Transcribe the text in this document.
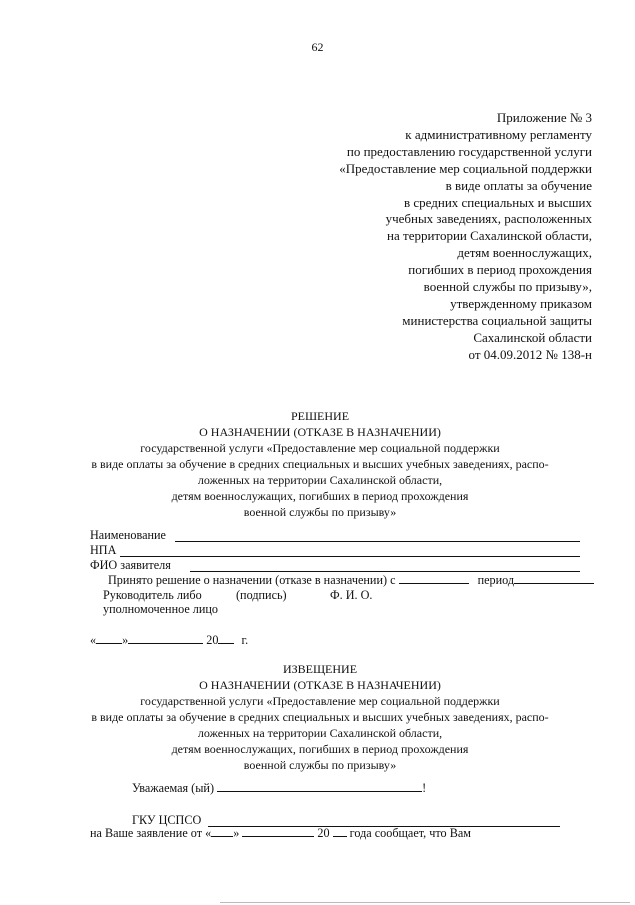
62
Приложение № 3
к административному регламенту
по предоставлению государственной услуги
«Предоставление мер социальной поддержки
в виде оплаты за обучение
в средних специальных и высших
учебных заведениях, расположенных
на территории Сахалинской области,
детям военнослужащих,
погибших в период прохождения
военной службы по призыву»,
утвержденному приказом
министерства социальной защиты
Сахалинской области
от 04.09.2012 № 138-н
РЕШЕНИЕ
О НАЗНАЧЕНИИ (ОТКАЗЕ В НАЗНАЧЕНИИ)
государственной услуги «Предоставление мер социальной поддержки
в виде оплаты за обучение в средних специальных и высших учебных заведениях, распо-
ложенных на территории Сахалинской области,
детям военнослужащих, погибших в период прохождения
военной службы по призыву»
Наименование
НПА
ФИО заявителя
Принято решение о назначении (отказе в назначении) с	период
Руководитель либо	(подпись)	Ф. И. О.
уполномоченное лицо
« »	20 г.
ИЗВЕЩЕНИЕ
О НАЗНАЧЕНИИ (ОТКАЗЕ В НАЗНАЧЕНИИ)
государственной услуги «Предоставление мер социальной поддержки
в виде оплаты за обучение в средних специальных и высших учебных заведениях, распо-
ложенных на территории Сахалинской области,
детям военнослужащих, погибших в период прохождения
военной службы по призыву»
Уважаемая (ый)	!
ГКУ ЦСПСО
на Ваше заявление от « »	20 года сообщает, что Вам
